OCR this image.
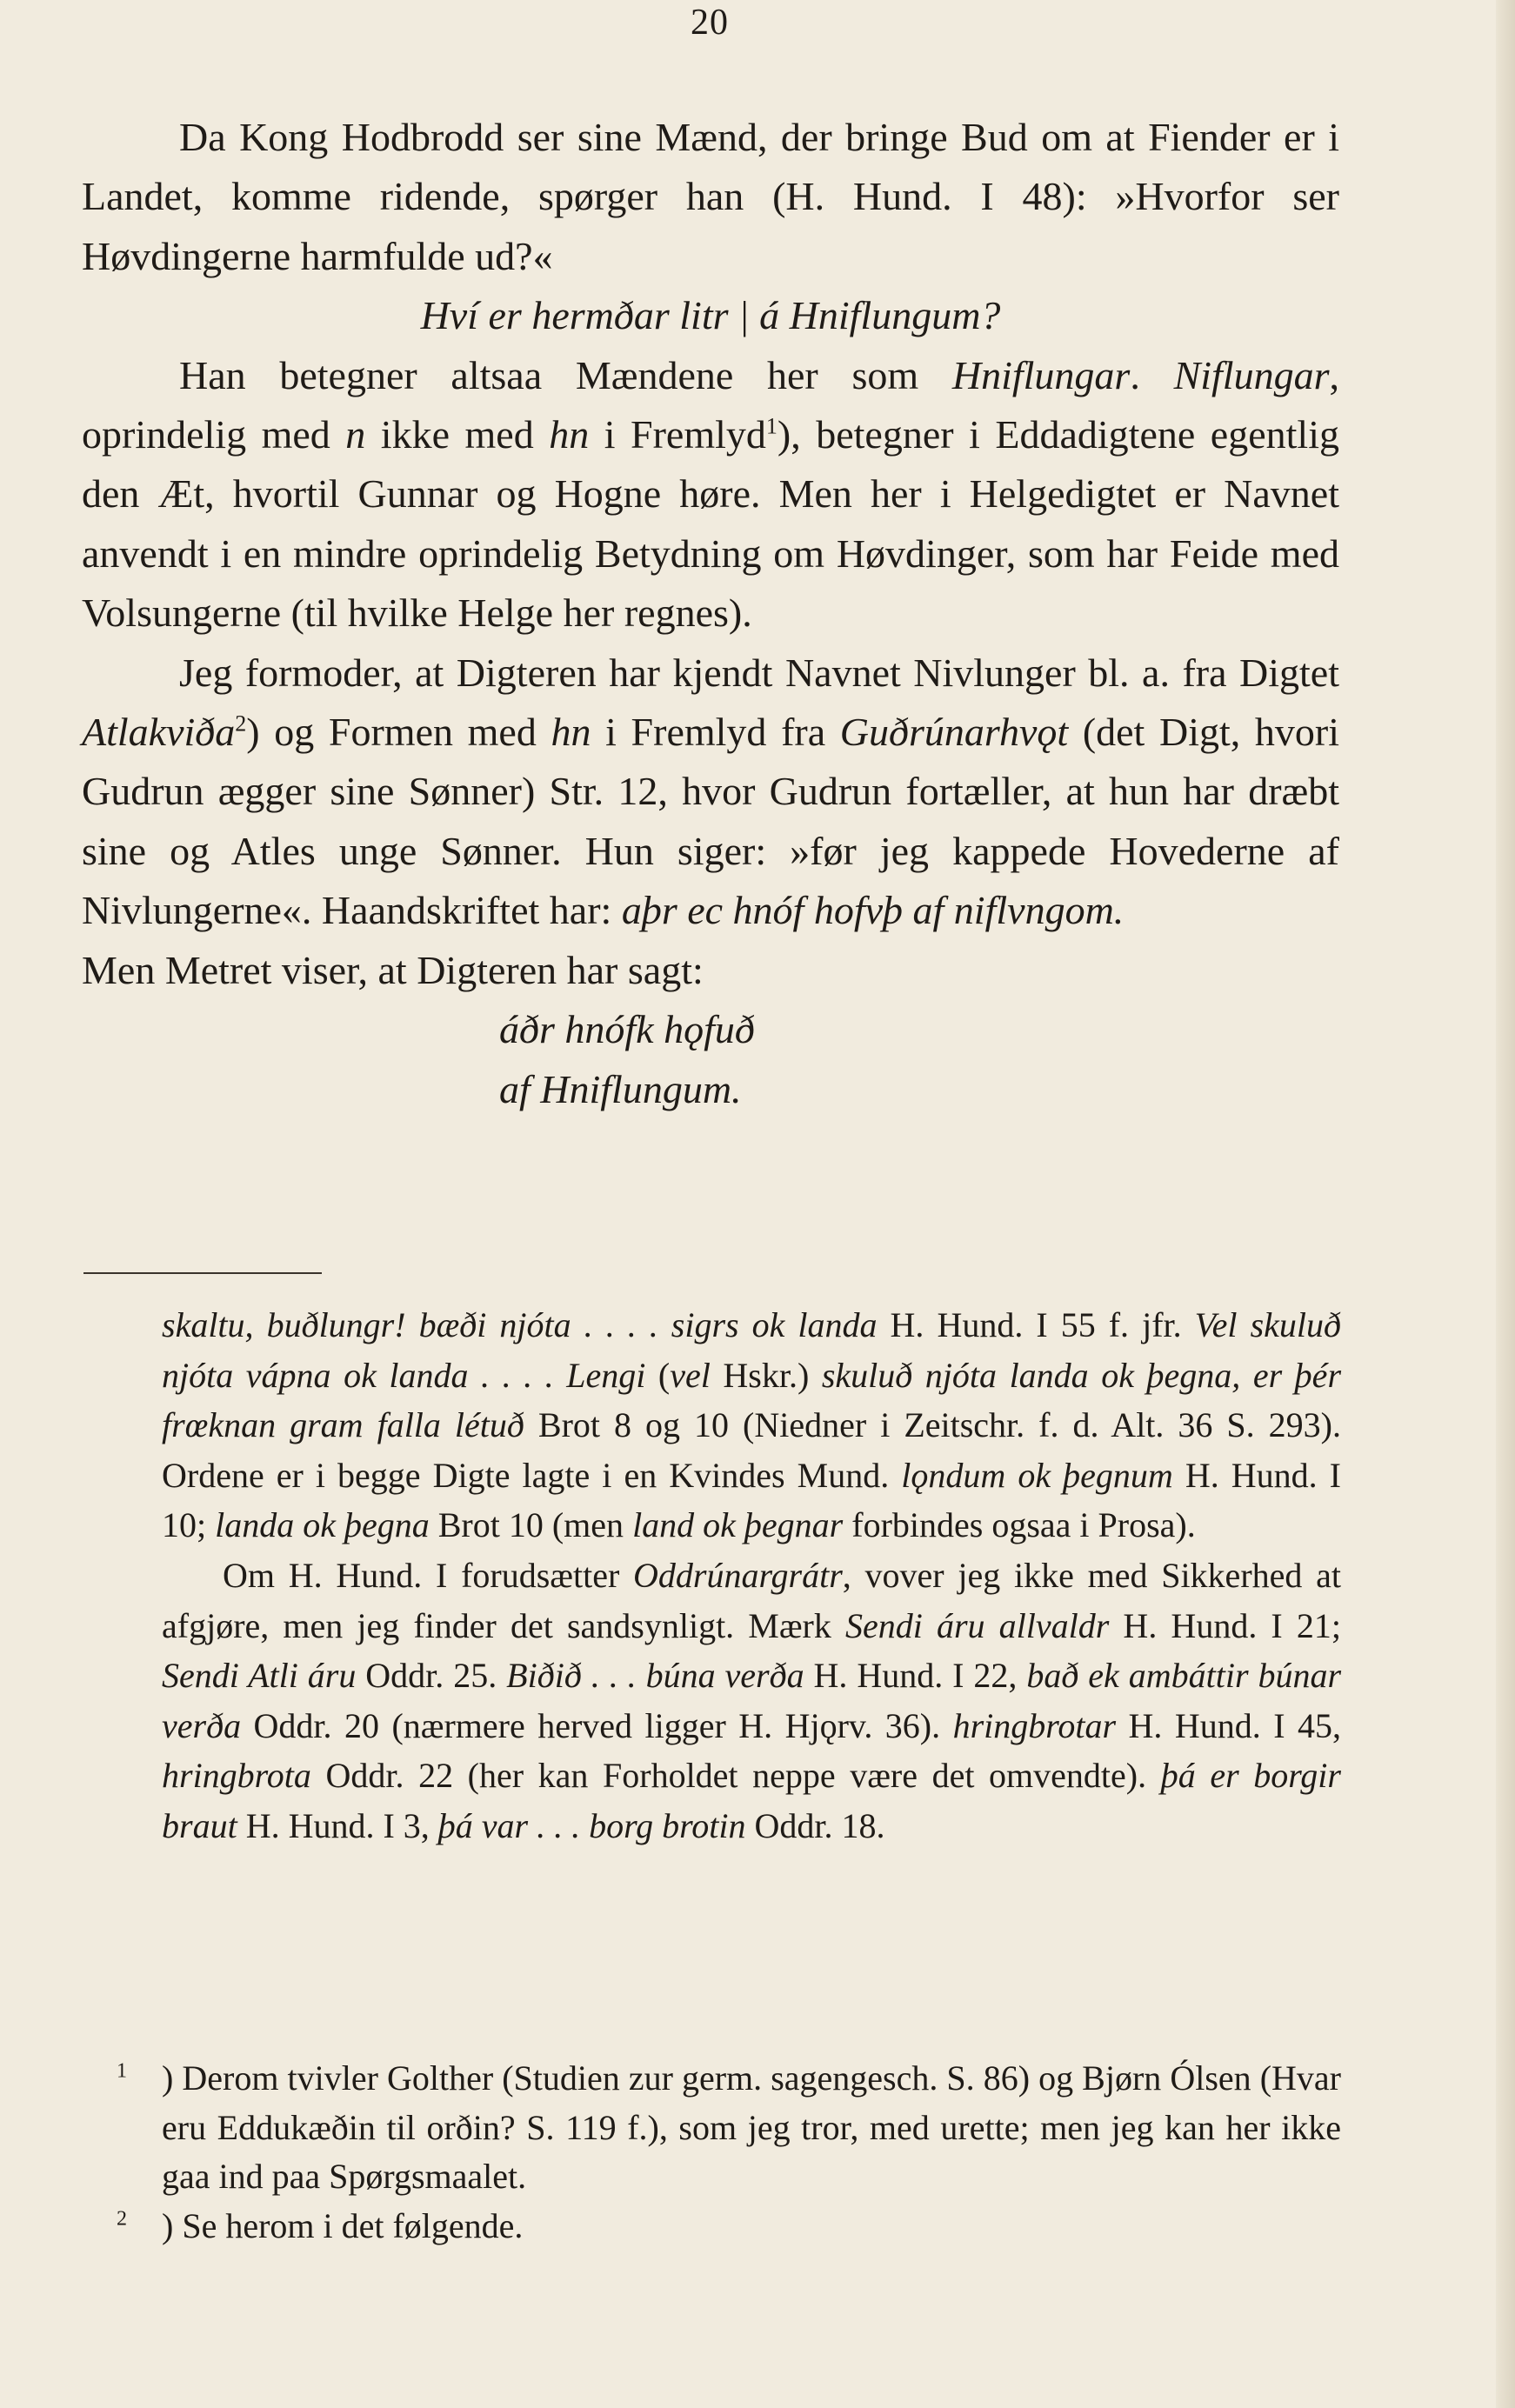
20

Da Kong Hodbrodd ser sine Mænd, der bringe Bud om at Fiender er i Landet, komme ridende, spørger han (H. Hund. I 48): »Hvorfor ser Høvdingerne harmfulde ud?«

Hví er hermðar litr | á Hniflungum?

Han betegner altsaa Mændene her som Hniflungar. Niflungar, oprindelig med n ikke med hn i Fremlyd$^1$), betegner i Eddadigtene egentlig den Æt, hvortil Gunnar og Hogne høre. Men her i Helgedigtet er Navnet anvendt i en mindre oprindelig Betydning om Høvdinger, som har Feide med Volsungerne (til hvilke Helge her regnes).

Jeg formoder, at Digteren har kjendt Navnet Nivlunger bl. a. fra Digtet Atlakviða$^2$) og Formen med hn i Fremlyd fra Guðrúnarhvǫt (det Digt, hvori Gudrun ægger sine Sønner) Str. 12, hvor Gudrun fortæller, at hun har dræbt sine og Atles unge Sønner. Hun siger: »før jeg kappede Hovederne af Nivlungerne«. Haandskriftet har: aþr ec hnóf hofvþ af niflvngom.

Men Metret viser, at Digteren har sagt:

áðr hnófk hǫfuð

af Hniflungum.

skaltu, buðlungr! bæði njóta . . . . sigrs ok landa H. Hund. I 55 f. jfr. Vel skuluð njóta vápna ok landa . . . . Lengi (vel Hskr.) skuluð njóta landa ok þegna, er þér frœknan gram falla létuð Brot 8 og 10 (Niedner i Zeitschr. f. d. Alt. 36 S. 293). Ordene er i begge Digte lagte i en Kvindes Mund. lǫndum ok þegnum H. Hund. I 10; landa ok þegna Brot 10 (men land ok þegnar forbindes ogsaa i Prosa).

Om H. Hund. I forudsætter Oddrúnargrátr, vover jeg ikke med Sikkerhed at afgjøre, men jeg finder det sandsynligt. Mærk Sendi áru allvaldr H. Hund. I 21; Sendi Atli áru Oddr. 25. Biðið . . . búna verða H. Hund. I 22, bað ek ambáttir búnar verða Oddr. 20 (nærmere herved ligger H. Hjǫrv. 36). hringbrotar H. Hund. I 45, hringbrota Oddr. 22 (her kan Forholdet neppe være det omvendte). þá er borgir braut H. Hund. I 3, þá var . . . borg brotin Oddr. 18.

$^1$ ) Derom tvivler Golther (Studien zur germ. sagengesch. S. 86) og Bjørn Ólsen (Hvar eru Eddukæðin til orðin? S. 119 f.), som jeg tror, med urette; men jeg kan her ikke gaa ind paa Spørgsmaalet.

$^2$ ) Se herom i det følgende.
